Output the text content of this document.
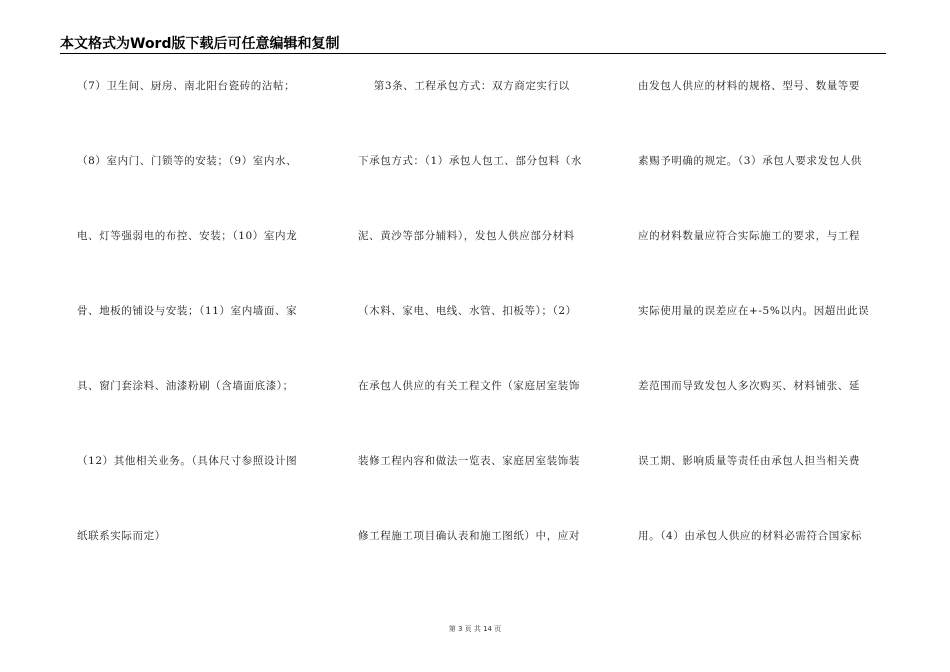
本文格式为Word版下载后可任意编辑和复制
（7）卫生间、厨房、南北阳台瓷砖的沾帖；
（8）室内门、门锁等的安装；（9）室内水、
电、灯等强弱电的布控、安装；（10）室内龙
骨、地板的铺设与安装；（11）室内墙面、家
具、窗门套涂料、油漆粉刷（含墙面底漆）；
（12）其他相关业务。（具体尺寸参照设计图
纸联系实际而定）
第3条、工程承包方式：双方商定实行以
下承包方式：（1）承包人包工、部分包料（水
泥、黄沙等部分辅料），发包人供应部分材料
（木料、家电、电线、水管、扣板等）；（2）
在承包人供应的有关工程文件（家庭居室装饰
装修工程内容和做法一览表、家庭居室装饰装
修工程施工项目确认表和施工图纸）中，应对
由发包人供应的材料的规格、型号、数量等要
素赐予明确的规定。（3）承包人要求发包人供
应的材料数量应符合实际施工的要求，与工程
实际使用量的误差应在+-5%以内。因超出此误
差范围而导致发包人多次购买、材料铺张、延
误工期、影响质量等责任由承包人担当相关费
用。（4）由承包人供应的材料必需符合国家标
第 3 页 共 14 页
